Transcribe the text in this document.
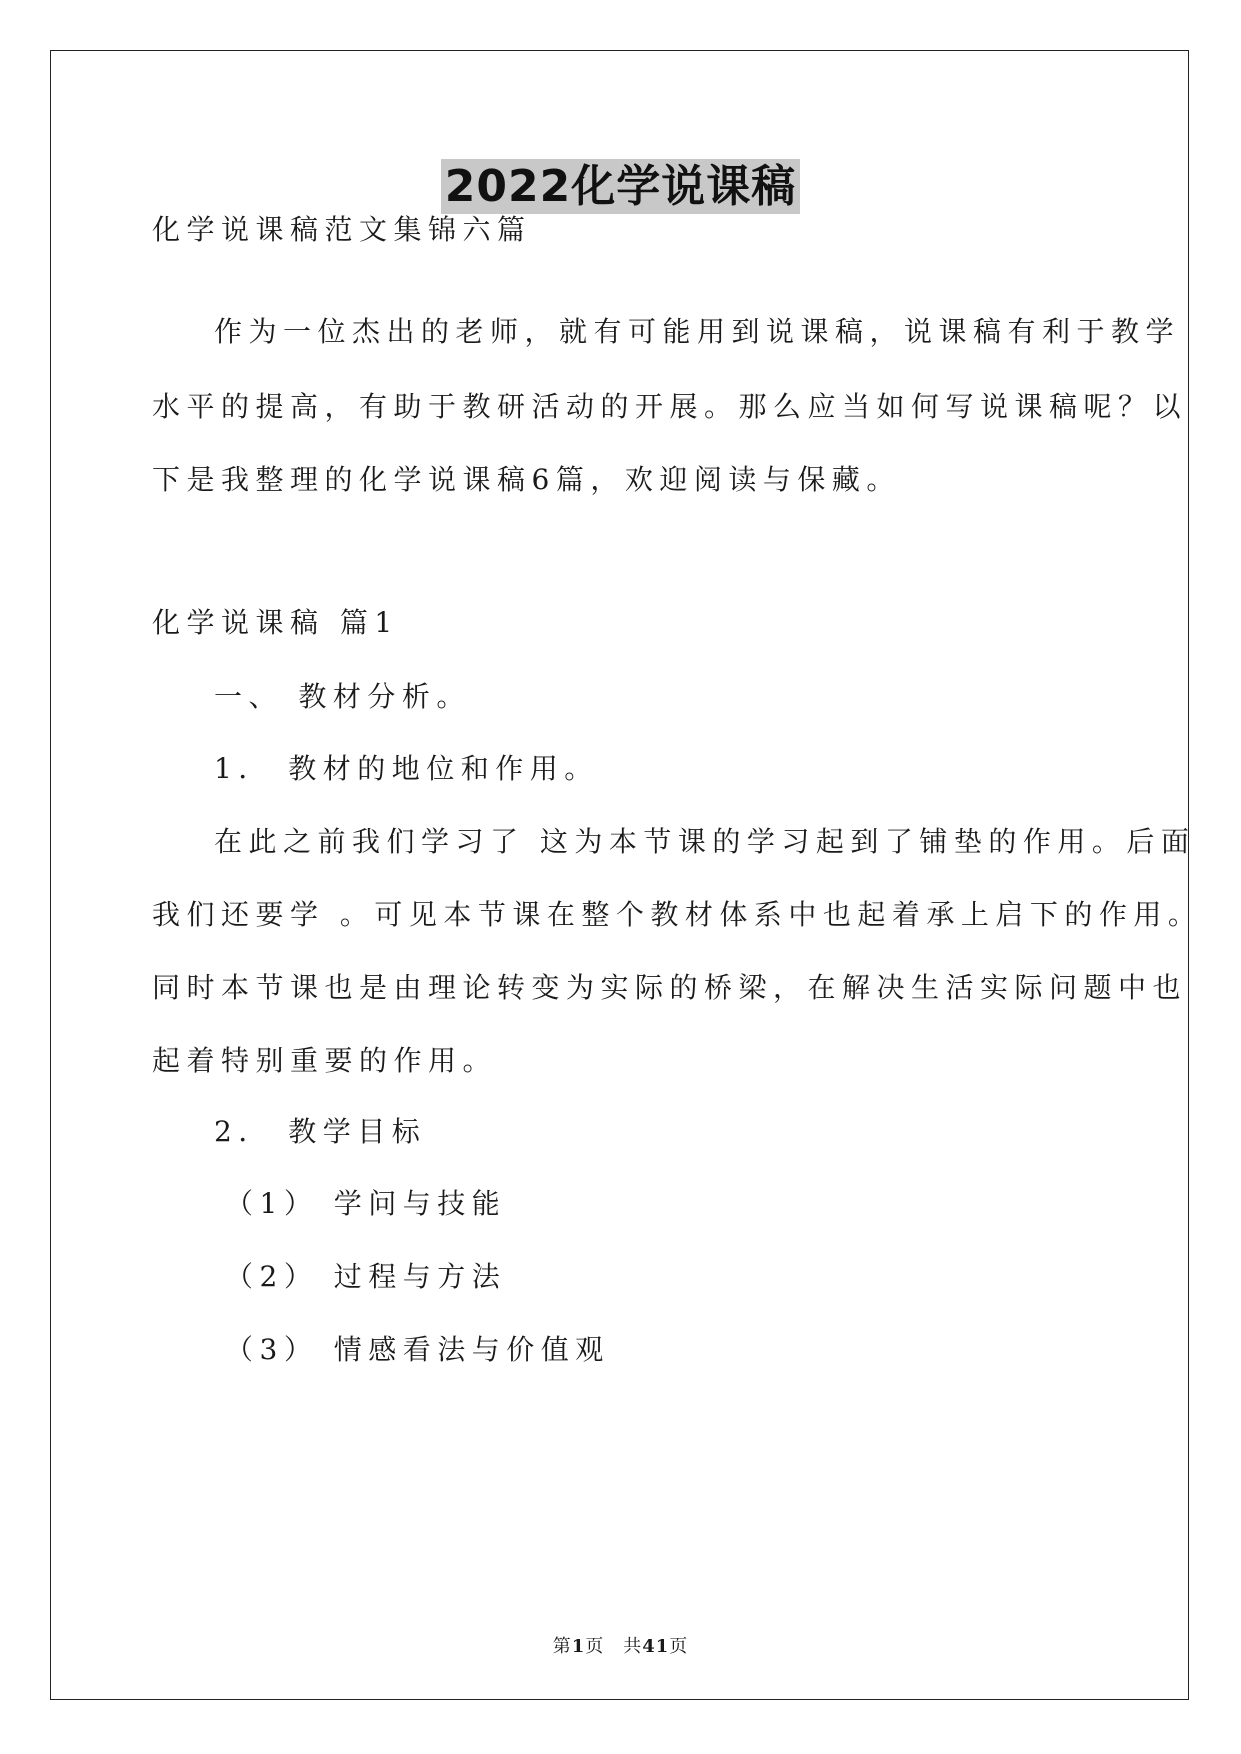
2022化学说课稿
化学说课稿范文集锦六篇
作为一位杰出的老师，就有可能用到说课稿，说课稿有利于教学
水平的提高，有助于教研活动的开展。那么应当如何写说课稿呢？以
下是我整理的化学说课稿6篇，欢迎阅读与保藏。
化学说课稿 篇1
一、 教材分析。
1． 教材的地位和作用。
在此之前我们学习了 这为本节课的学习起到了铺垫的作用。后面
我们还要学 。可见本节课在整个教材体系中也起着承上启下的作用。
同时本节课也是由理论转变为实际的桥梁，在解决生活实际问题中也
起着特别重要的作用。
2． 教学目标
（1） 学问与技能
（2） 过程与方法
（3） 情感看法与价值观
第1页　共41页
